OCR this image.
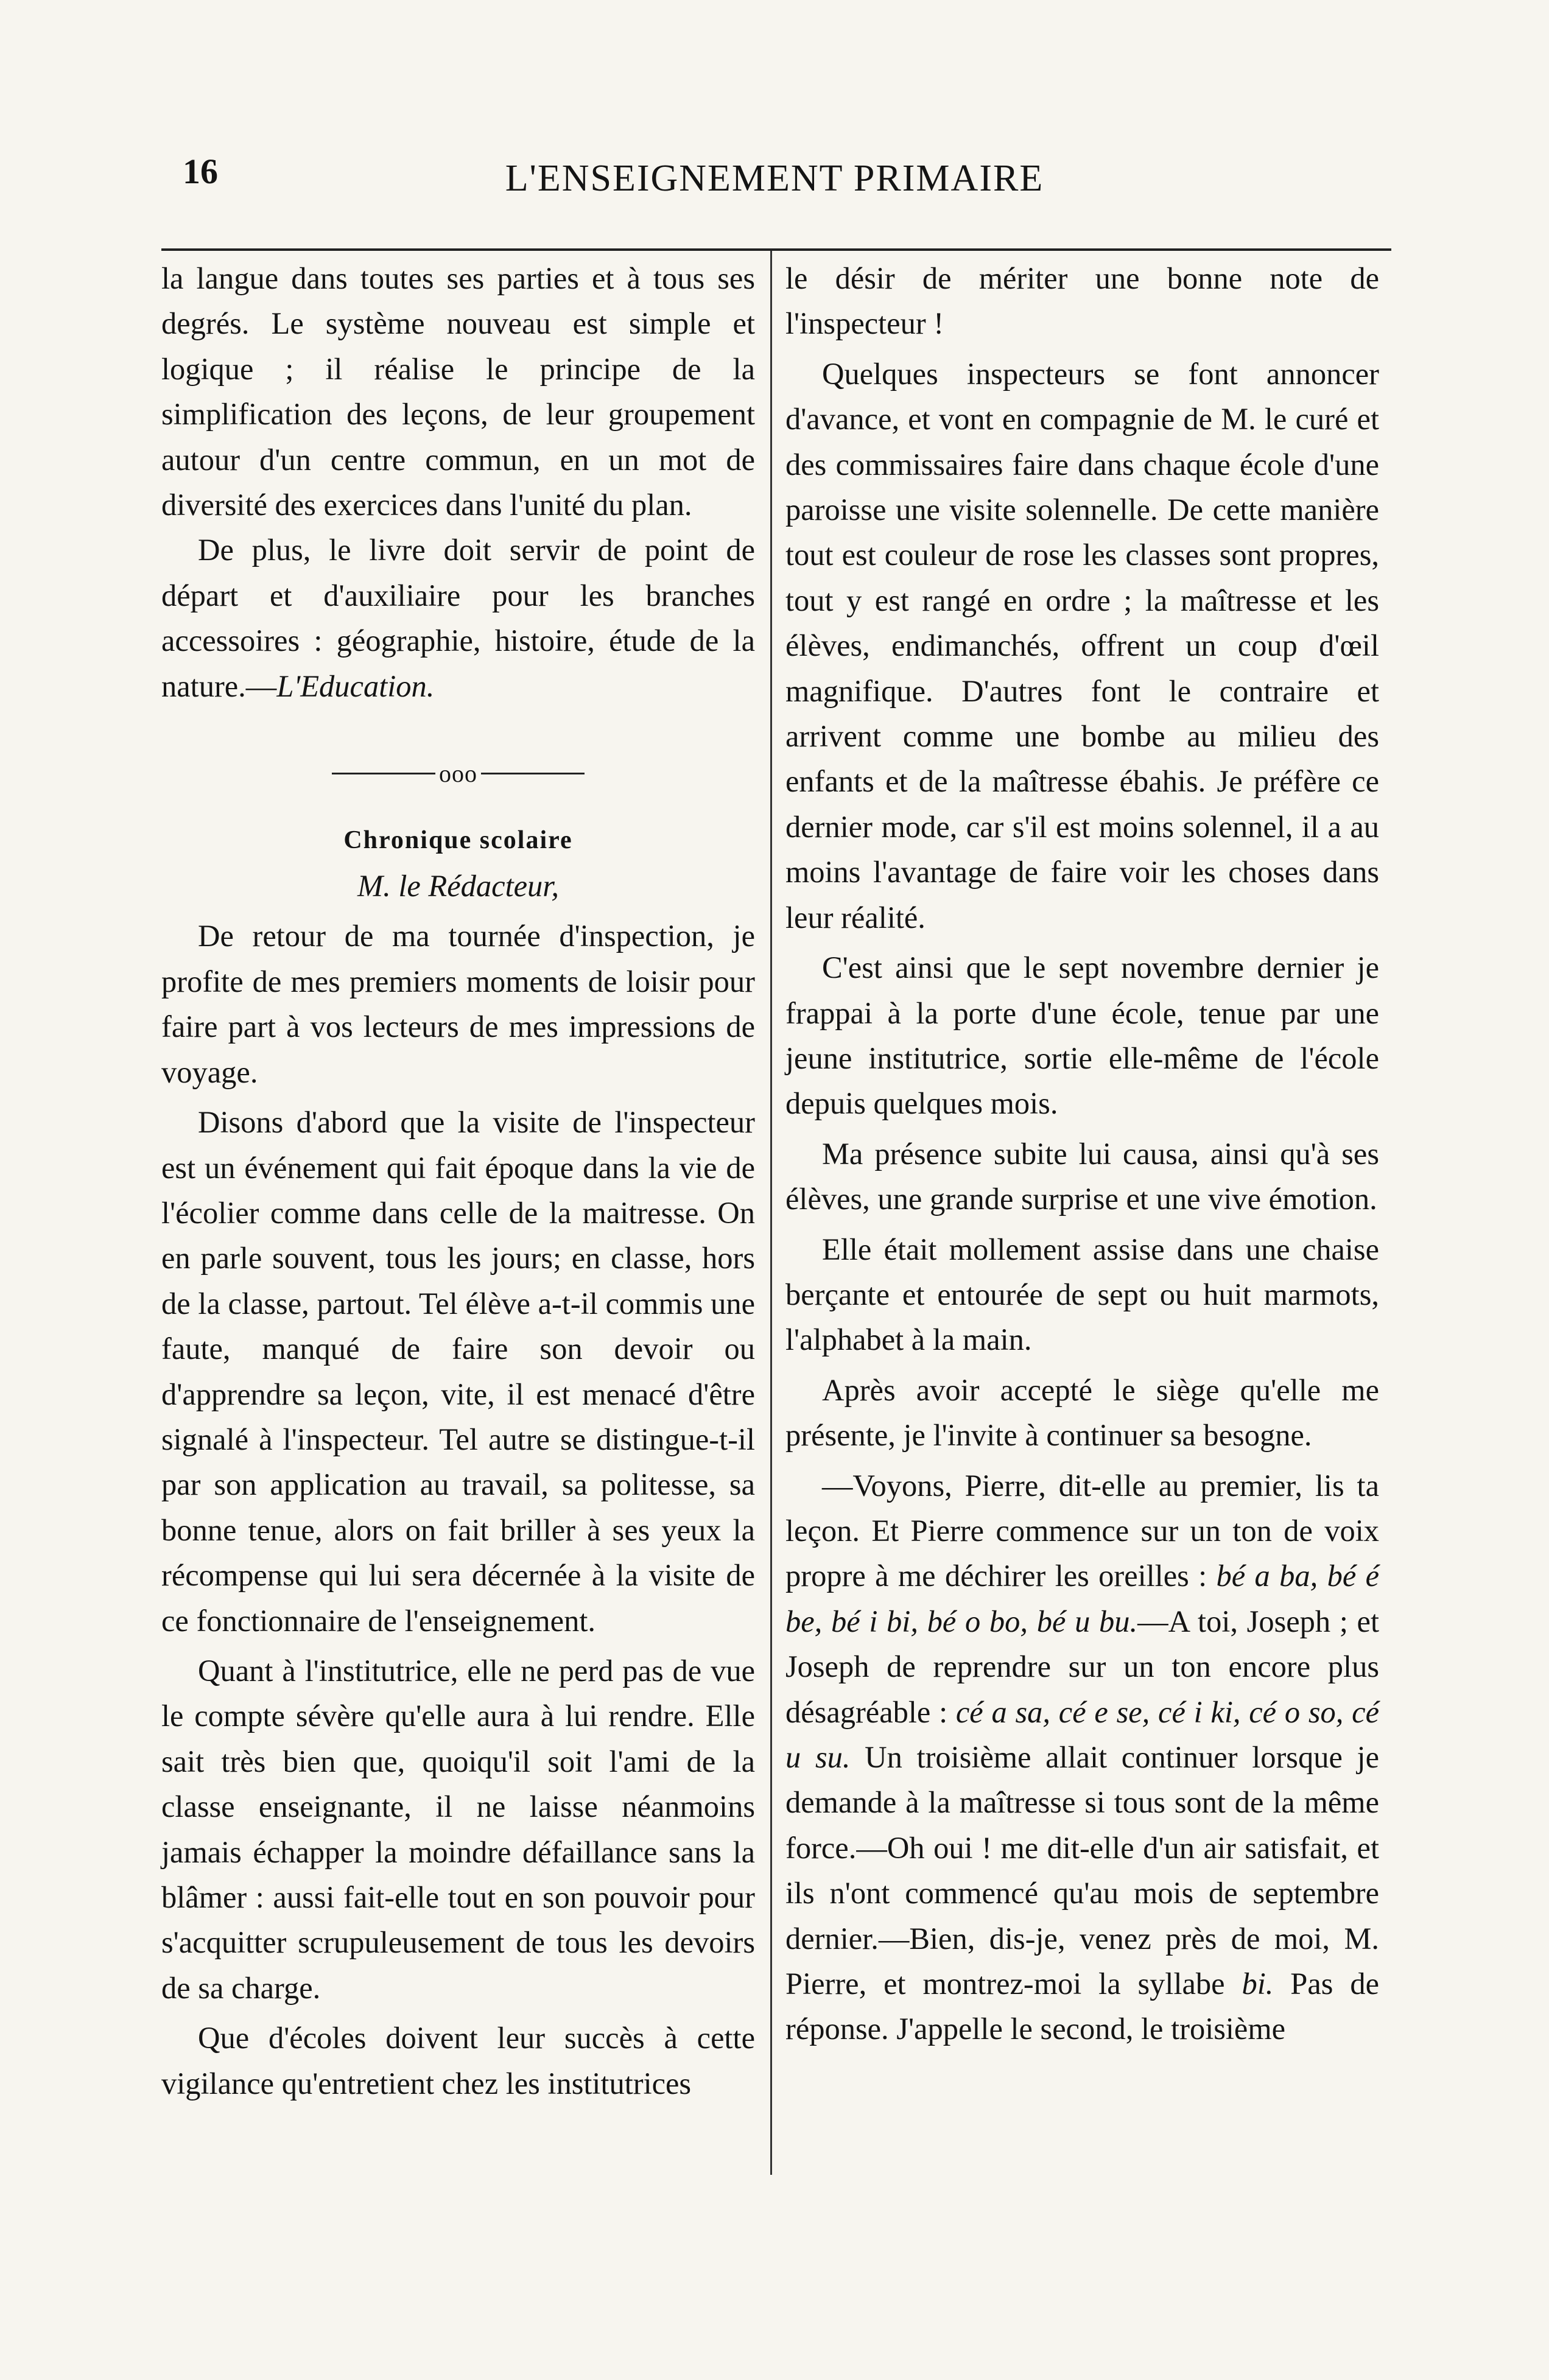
16	L'ENSEIGNEMENT PRIMAIRE

la langue dans toutes ses parties et à tous ses degrés. Le système nouveau est simple et logique ; il réalise le principe de la simplification des leçons, de leur groupement autour d'un centre commun, en un mot de diversité des exercices dans l'unité du plan.

De plus, le livre doit servir de point de départ et d'auxiliaire pour les branches accessoires : géographie, histoire, étude de la nature.—L'Education.

ooo
Chronique scolaire
M. le Rédacteur,

De retour de ma tournée d'inspection, je profite de mes premiers moments de loisir pour faire part à vos lecteurs de mes impressions de voyage.

Disons d'abord que la visite de l'inspecteur est un événement qui fait époque dans la vie de l'écolier comme dans celle de la maitresse. On en parle souvent, tous les jours; en classe, hors de la classe, partout. Tel élève a-t-il commis une faute, manqué de faire son devoir ou d'apprendre sa leçon, vite, il est menacé d'être signalé à l'inspecteur. Tel autre se distingue-t-il par son application au travail, sa politesse, sa bonne tenue, alors on fait briller à ses yeux la récompense qui lui sera décernée à la visite de ce fonctionnaire de l'enseignement.

Quant à l'institutrice, elle ne perd pas de vue le compte sévère qu'elle aura à lui rendre. Elle sait très bien que, quoiqu'il soit l'ami de la classe enseignante, il ne laisse néanmoins jamais échapper la moindre défaillance sans la blâmer : aussi fait-elle tout en son pouvoir pour s'acquitter scrupuleusement de tous les devoirs de sa charge.

Que d'écoles doivent leur succès à cette vigilance qu'entretient chez les institutrices

le désir de mériter une bonne note de l'inspecteur !

Quelques inspecteurs se font annoncer d'avance, et vont en compagnie de M. le curé et des commissaires faire dans chaque école d'une paroisse une visite solennelle. De cette manière tout est couleur de rose les classes sont propres, tout y est rangé en ordre ; la maîtresse et les élèves, endimanchés, offrent un coup d'œil magnifique. D'autres font le contraire et arrivent comme une bombe au milieu des enfants et de la maîtresse ébahis. Je préfère ce dernier mode, car s'il est moins solennel, il a au moins l'avantage de faire voir les choses dans leur réalité.

C'est ainsi que le sept novembre dernier je frappai à la porte d'une école, tenue par une jeune institutrice, sortie elle-même de l'école depuis quelques mois.

Ma présence subite lui causa, ainsi qu'à ses élèves, une grande surprise et une vive émotion.

Elle était mollement assise dans une chaise berçante et entourée de sept ou huit marmots, l'alphabet à la main.

Après avoir accepté le siège qu'elle me présente, je l'invite à continuer sa besogne.

—Voyons, Pierre, dit-elle au premier, lis ta leçon. Et Pierre commence sur un ton de voix propre à me déchirer les oreilles : bé a ba, bé é be, bé i bi, bé o bo, bé u bu.—A toi, Joseph ; et Joseph de reprendre sur un ton encore plus désagréable : cé a sa, cé e se, cé i ki, cé o so, cé u su. Un troisième allait continuer lorsque je demande à la maîtresse si tous sont de la même force.—Oh oui ! me dit-elle d'un air satisfait, et ils n'ont commencé qu'au mois de septembre dernier.—Bien, dis-je, venez près de moi, M. Pierre, et montrez-moi la syllabe bi. Pas de réponse. J'appelle le second, le troisième
